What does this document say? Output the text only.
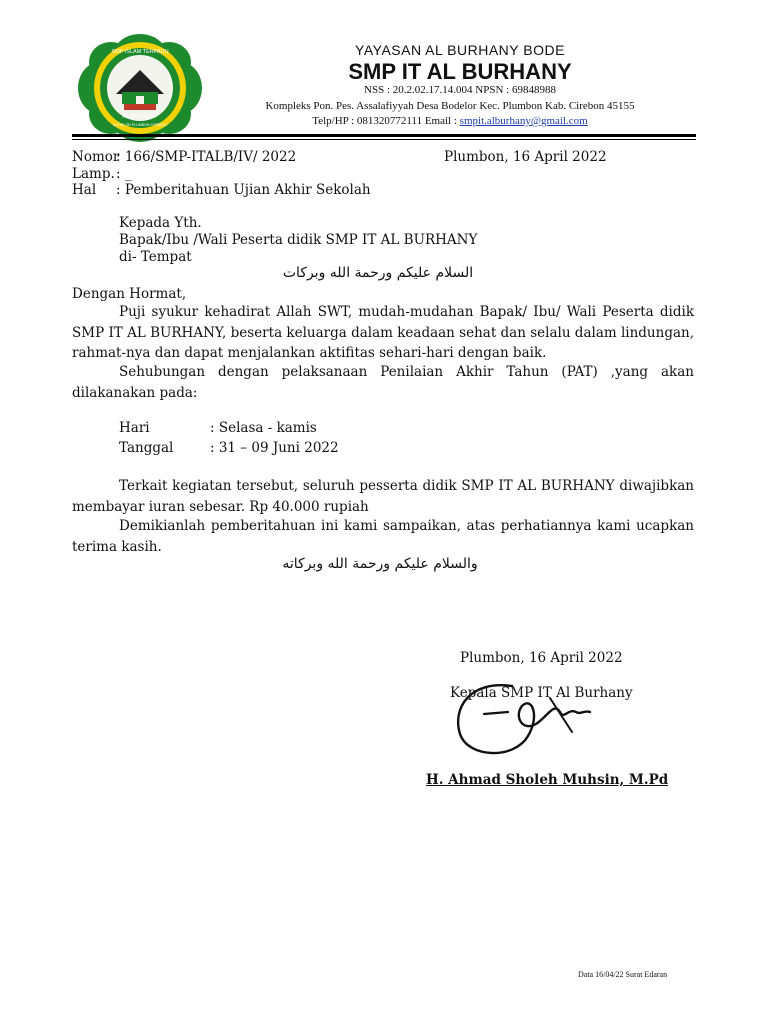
SMP ISLAM TERPADU
AL BURHANY
BODELOR PLUMBON CIREBON
YAYASAN AL BURHANY BODE
SMP IT AL BURHANY
NSS : 20.2.02.17.14.004 NPSN : 69848988
Kompleks Pon. Pes. Assalafiyyah Desa Bodelor Kec. Plumbon Kab. Cirebon 45155
Telp/HP : 081320772111 Email : smpit.alburhany@gmail.com
Nomor
: 166/SMP-ITALB/IV/ 2022	Plumbon, 16 April 2022
Lamp. : _
Hal : Pemberitahuan Ujian Akhir Sekolah
Kepada Yth.
Bapak/Ibu /Wali Peserta didik SMP IT AL BURHANY
di- Tempat
السلام عليكم ورحمة الله وبركات
Dengan Hormat,
Puji syukur kehadirat Allah SWT, mudah-mudahan Bapak/ Ibu/ Wali Peserta didik SMP IT AL BURHANY, beserta keluarga dalam keadaan sehat dan selalu dalam lindungan, rahmat-nya dan dapat menjalankan aktifitas sehari-hari dengan baik.
Sehubungan dengan pelaksanaan Penilaian Akhir Tahun (PAT) ,yang akan dilakanakan pada:
Hari	: Selasa - kamis
Tanggal	: 31 – 09 Juni 2022
Terkait kegiatan tersebut, seluruh pesserta didik SMP IT AL BURHANY diwajibkan membayar iuran sebesar. Rp 40.000 rupiah
Demikianlah pemberitahuan ini kami sampaikan, atas perhatiannya kami ucapkan terima kasih.
والسلام عليكم ورحمة الله وبركاته
Plumbon, 16 April 2022
Kepala SMP IT Al Burhany
H. Ahmad Sholeh Muhsin, M.Pd
Data 16/04/22 Surat Edaran
